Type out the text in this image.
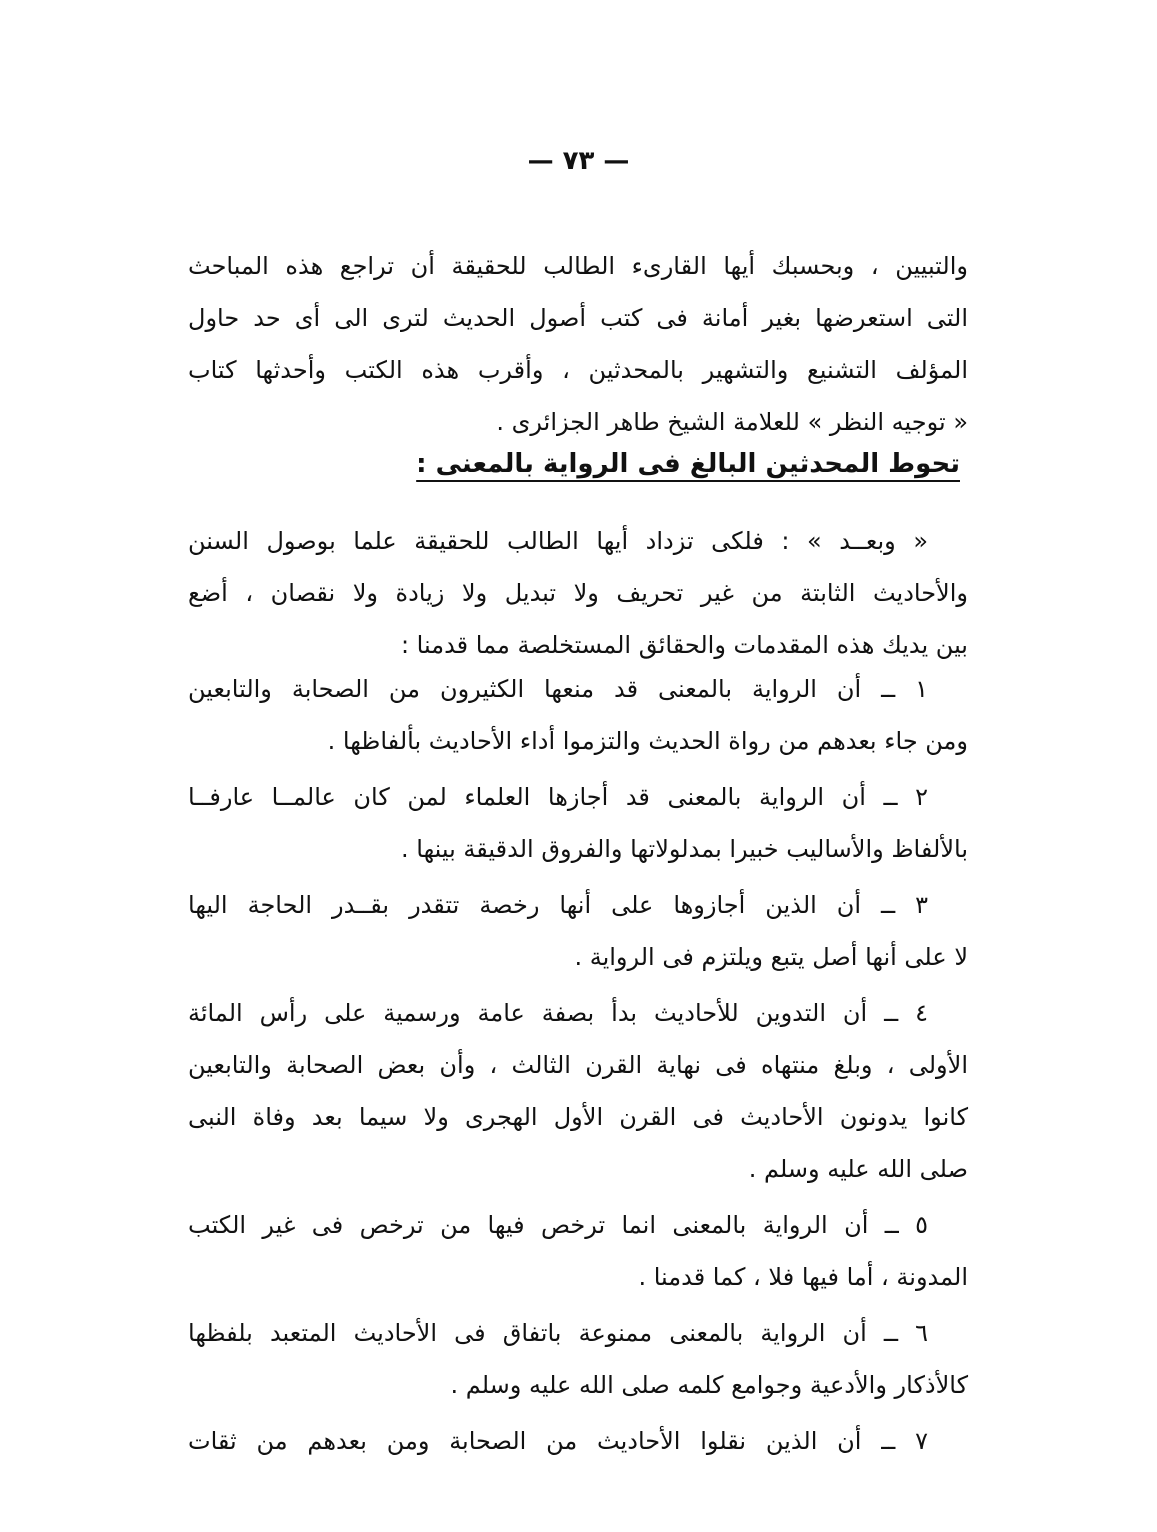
— ٧٣ —
والتبيين ، وبحسبك أيها القارىء الطالب للحقيقة أن تراجع هذه المباحث
التى استعرضها بغير أمانة فى كتب أصول الحديث لترى الى أى حد حاول
المؤلف التشنيع والتشهير بالمحدثين ، وأقرب هذه الكتب وأحدثها كتاب
« توجيه النظر » للعلامة الشيخ طاهر الجزائرى .
تحوط المحدثين البالغ فى الرواية بالمعنى :
« وبعــد » : فلكى تزداد أيها الطالب للحقيقة علما بوصول السنن
والأحاديث الثابتة من غير تحريف ولا تبديل ولا زيادة ولا نقصان ، أضع
بين يديك هذه المقدمات والحقائق المستخلصة مما قدمنا :
١ ــ أن الرواية بالمعنى قد منعها الكثيرون من الصحابة والتابعين
ومن جاء بعدهم من رواة الحديث والتزموا أداء الأحاديث بألفاظها .
٢ ــ أن الرواية بالمعنى قد أجازها العلماء لمن كان عالمــا عارفــا
بالألفاظ والأساليب خبيرا بمدلولاتها والفروق الدقيقة بينها .
٣ ــ أن الذين أجازوها على أنها رخصة تتقدر بقــدر الحاجة اليها
لا على أنها أصل يتبع ويلتزم فى الرواية .
٤ ــ أن التدوين للأحاديث بدأ بصفة عامة ورسمية على رأس المائة
الأولى ، وبلغ منتهاه فى نهاية القرن الثالث ، وأن بعض الصحابة والتابعين
كانوا يدونون الأحاديث فى القرن الأول الهجرى ولا سيما بعد وفاة النبى
صلى الله عليه وسلم .
٥ ــ أن الرواية بالمعنى انما ترخص فيها من ترخص فى غير الكتب
المدونة ، أما فيها فلا ، كما قدمنا .
٦ ــ أن الرواية بالمعنى ممنوعة باتفاق فى الأحاديث المتعبد بلفظها
كالأذكار والأدعية وجوامع كلمه صلى الله عليه وسلم .
٧ ــ أن الذين نقلوا الأحاديث من الصحابة ومن بعدهم من ثقات
